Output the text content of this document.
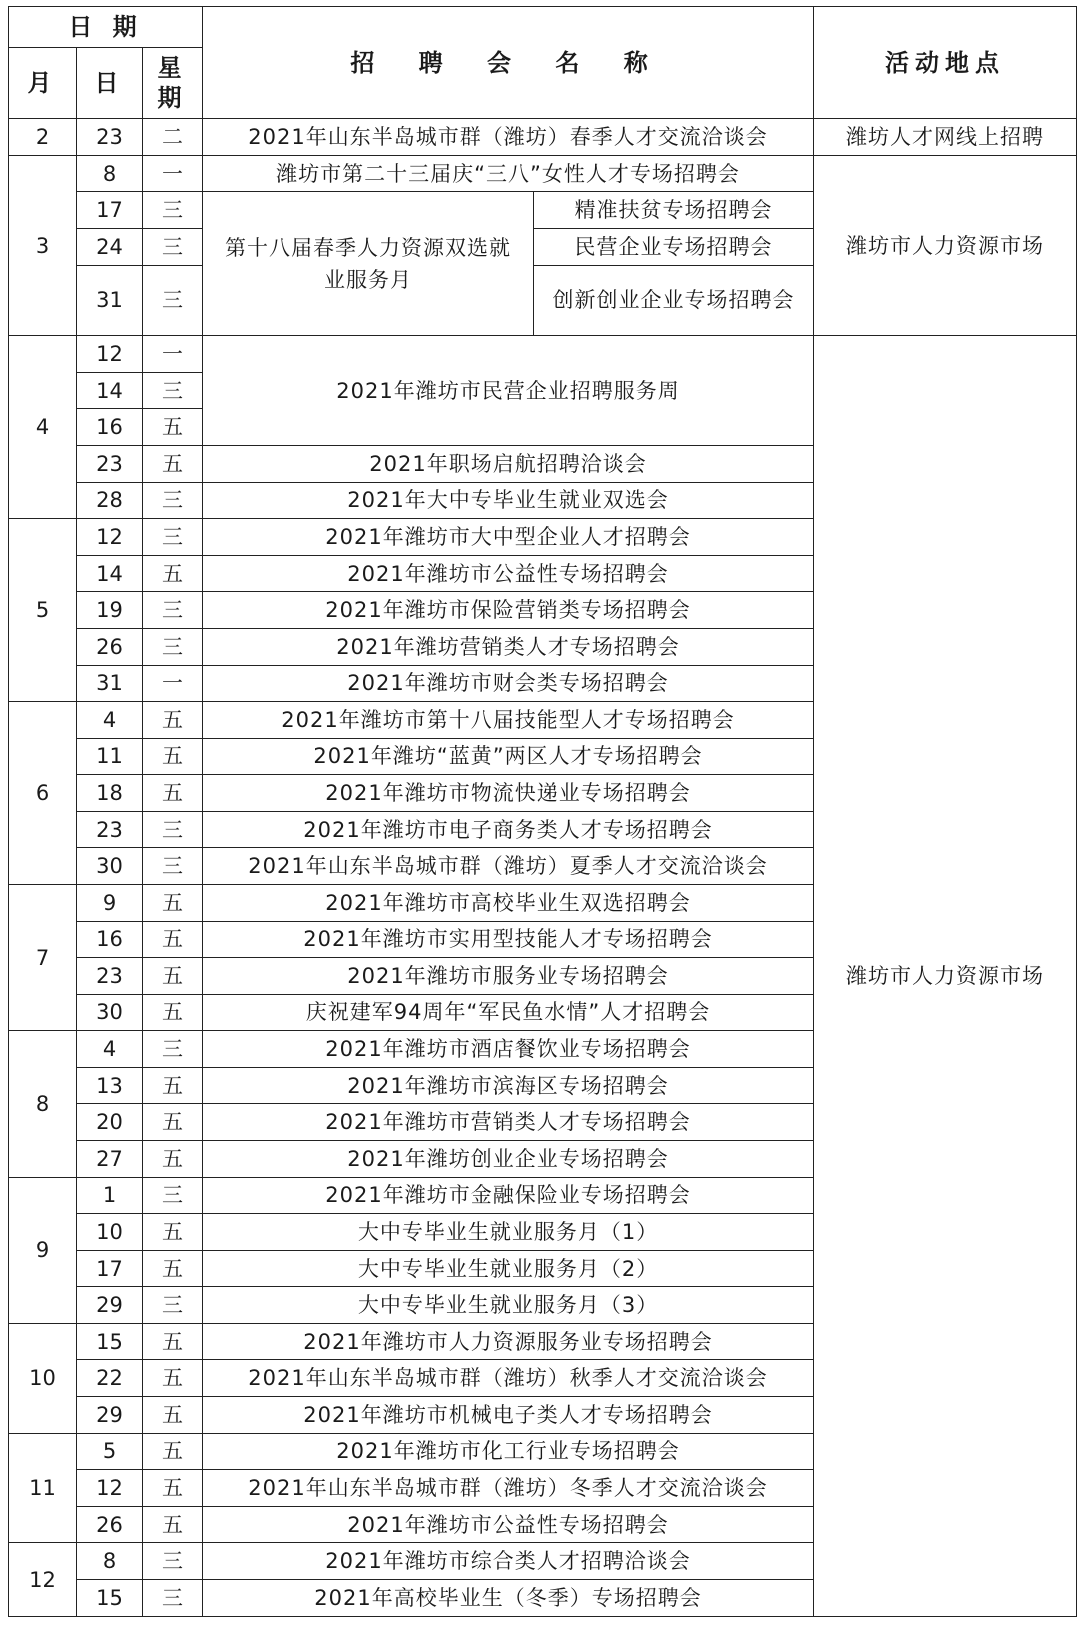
日 期			招 聘 会 名 称		活动地点
月	日	星期			
2	23	二	2021年山东半岛城市群（潍坊）春季人才交流洽谈会		潍坊人才网线上招聘
3	8	一	潍坊市第二十三届庆“三八”女性人才专场招聘会		潍坊市人力资源市场
	17	三	第十八届春季人力资源双选就业服务月	精准扶贫专场招聘会	
	24	三		民营企业专场招聘会	
	31	三		创新创业企业专场招聘会	
4	12	一	2021年潍坊市民营企业招聘服务周		潍坊市人力资源市场
	14	三			
	16	五			
	23	五	2021年职场启航招聘洽谈会		
	28	三	2021年大中专毕业生就业双选会		
5	12	三	2021年潍坊市大中型企业人才招聘会		
	14	五	2021年潍坊市公益性专场招聘会		
	19	三	2021年潍坊市保险营销类专场招聘会		
	26	三	2021年潍坊营销类人才专场招聘会		
	31	一	2021年潍坊市财会类专场招聘会		
6	4	五	2021年潍坊市第十八届技能型人才专场招聘会		
	11	五	2021年潍坊“蓝黄”两区人才专场招聘会		
	18	五	2021年潍坊市物流快递业专场招聘会		
	23	三	2021年潍坊市电子商务类人才专场招聘会		
	30	三	2021年山东半岛城市群（潍坊）夏季人才交流洽谈会		
7	9	五	2021年潍坊市高校毕业生双选招聘会		
	16	五	2021年潍坊市实用型技能人才专场招聘会		
	23	五	2021年潍坊市服务业专场招聘会		
	30	五	庆祝建军94周年“军民鱼水情”人才招聘会		
8	4	三	2021年潍坊市酒店餐饮业专场招聘会		
	13	五	2021年潍坊市滨海区专场招聘会		
	20	五	2021年潍坊市营销类人才专场招聘会		
	27	五	2021年潍坊创业企业专场招聘会		
9	1	三	2021年潍坊市金融保险业专场招聘会		
	10	五	大中专毕业生就业服务月（1）		
	17	五	大中专毕业生就业服务月（2）		
	29	三	大中专毕业生就业服务月（3）		
10	15	五	2021年潍坊市人力资源服务业专场招聘会		
	22	五	2021年山东半岛城市群（潍坊）秋季人才交流洽谈会		
	29	五	2021年潍坊市机械电子类人才专场招聘会		
11	5	五	2021年潍坊市化工行业专场招聘会		
	12	五	2021年山东半岛城市群（潍坊）冬季人才交流洽谈会		
	26	五	2021年潍坊市公益性专场招聘会		
12	8	三	2021年潍坊市综合类人才招聘洽谈会		
	15	三	2021年高校毕业生（冬季）专场招聘会		
